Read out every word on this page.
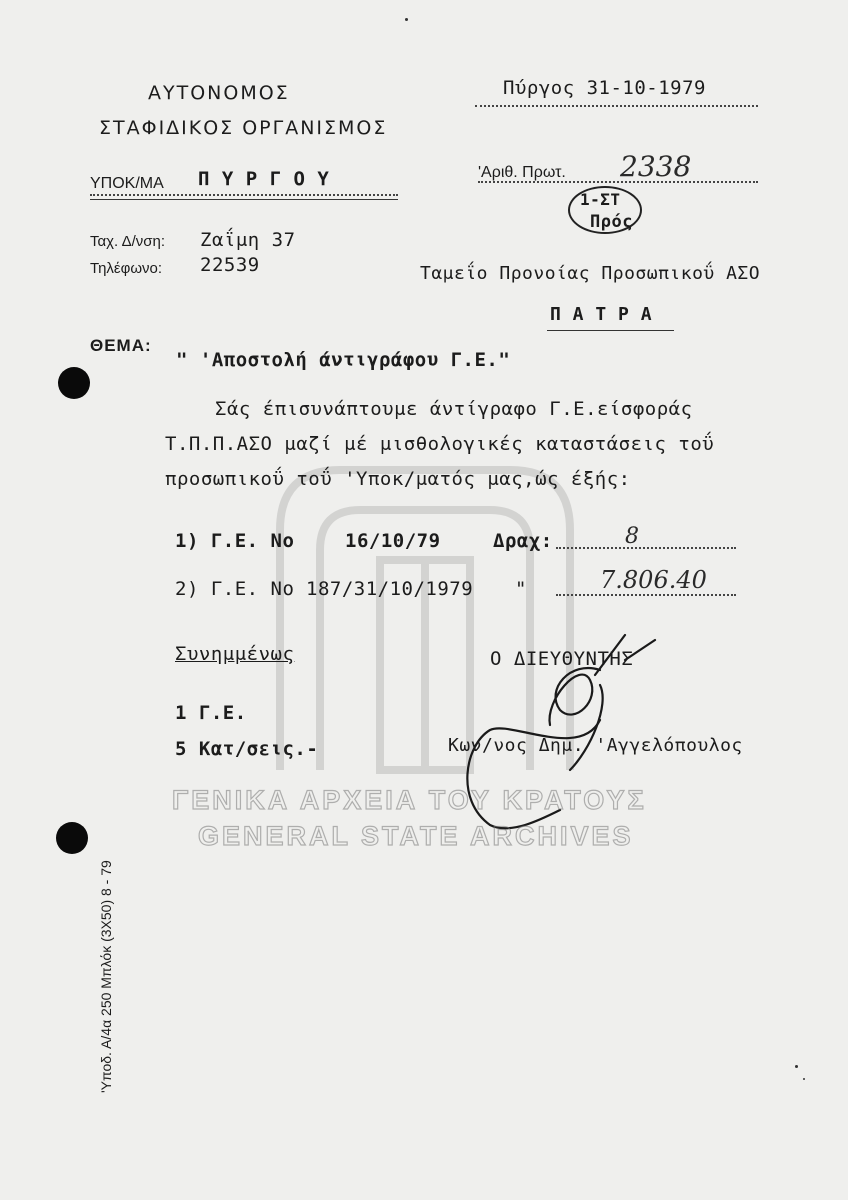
ΑΥΤΟΝΟΜΟΣ
ΣΤΑΦΙΔΙΚΟΣ ΟΡΓΑΝΙΣΜΟΣ
ΥΠΟΚ/ΜΑ Π Υ Ρ Γ Ο Υ
Ταχ. Δ/νση: Ζαΐμη 37
Τηλέφωνο: 22539
Πύργος 31-10-1979
'Αριθ. Πρωτ. 2338
1-ΣΤ
Πρός
Ταμεΐο Προνοίας Προσωπικοΰ ΑΣΟ
Π Α Τ Ρ Α
ΘΕΜΑ:
" 'Αποστολή άντιγράφου Γ.Ε."
Σάς έπισυνάπτουμε άντίγραφο Γ.Ε.είσφοράς
Τ.Π.Π.ΑΣΟ μαζί μέ μισθολογικές καταστάσεις τοΰ
προσωπικοΰ τοΰ 'Υποκ/ματός μας,ώς έξής:
1) Γ.Ε. No	16/10/79	Δραχ:	8
2) Γ.Ε. No 187/31/10/1979 "	7.806.40
Συνημμένως	Ο ΔΙΕΥΘΥΝΤΗΣ
1 Γ.Ε.
5 Κατ/σεις.-	Κων/νος Δημ. 'Αγγελόπουλος
ΓΕΝΙΚΑ ΑΡΧΕΙΑ ΤΟΥ ΚΡΑΤΟΥΣ
GENERAL STATE ARCHIVES
'Υποδ. Α/4α 250 Μπλόκ (3Χ50) 8 - 79
